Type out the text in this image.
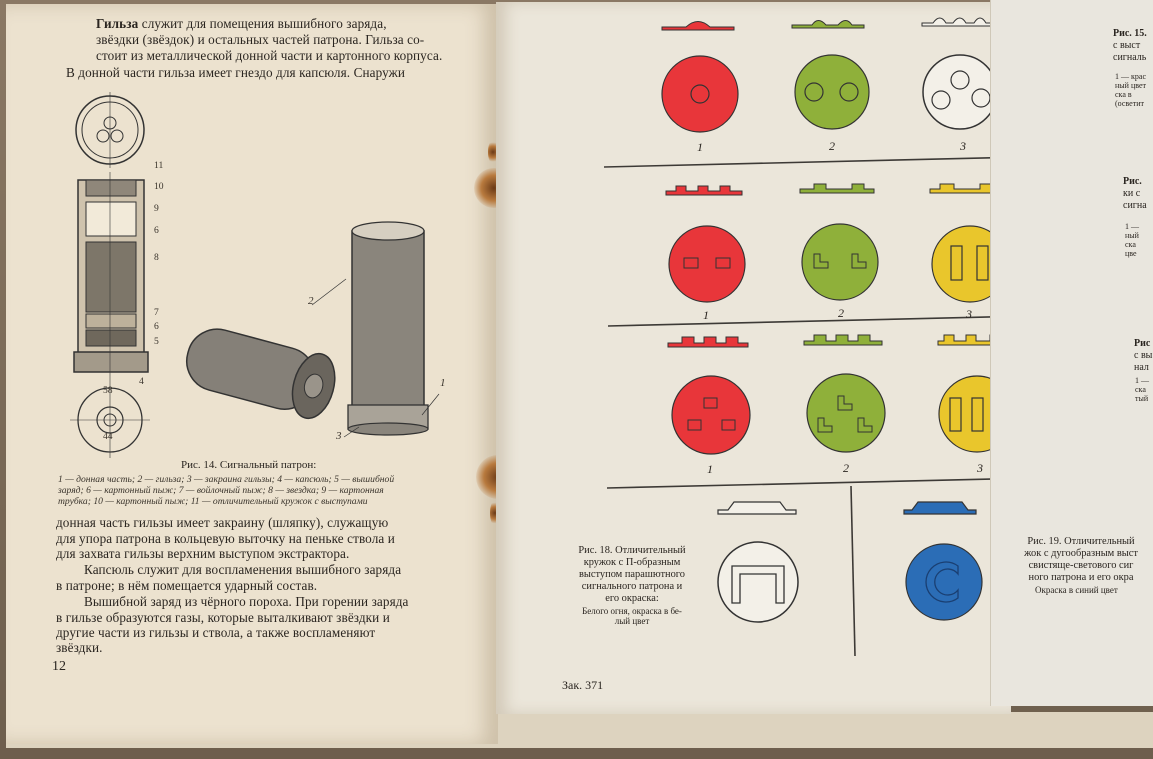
Гильза служит для помещения вышибного заряда,
звёздки (звёздок) и остальных частей патрона. Гильза со-
стоит из металлической донной части и картонного корпуса.
В донной части гильза имеет гнездо для капсюля. Снаружи
11
10
9
6
8
7
6
5
4
58
44
2
1
3
Рис. 14. Сигнальный патрон:
1 — донная часть; 2 — гильза; 3 — закраина гильзы; 4 — капсюль; 5 — вышибной
заряд; 6 — картонный пыж; 7 — войлочный пыж; 8 — звездка; 9 — картонная
трубка; 10 — картонный пыж; 11 — отличительный кружок с выступами
донная часть гильзы имеет закраину (шляпку), служащую
для упора патрона в кольцевую выточку на пеньке ствола и
для захвата гильзы верхним выступом экстрактора.
Капсюль служит для воспламенения вышибного заряда
в патроне; в нём помещается ударный состав.
Вышибной заряд из чёрного пороха. При горении заряда
в гильзе образуются газы, которые выталкивают звёздки и
другие части из гильзы и ствола, а также воспламеняют
звёздки.
12
1	2	3
1	2	3
1	2	3
Рис. 18. Отличительный
кружок с П-образным
выступом парашютного
сигнального патрона и
его окраска:
Белого огня, окраска в бе-
лый цвет
Зак. 371
Рис. 15.
с выст
сигналь
1 — крас
ный цвет
ска в
(осветит
Рис.
ки с
сигна
1 —
ный
ска
цве
Рис
с вы
нал
1 —
ска
тый
Рис. 19. Отличительный
жок с дугообразным выст
свистяще-светового сиг
ного патрона и его окра
Окраска в синий цвет
